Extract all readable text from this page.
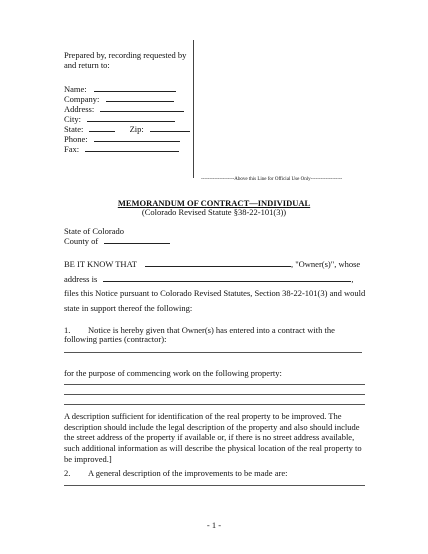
Prepared by, recording requested by
and return to:
Name:
Company:
Address:
City:
State:	Zip:
Phone:
Fax:
--------------------Above this Line for Official Use Only-------------------
MEMORANDUM OF CONTRACT—INDIVIDUAL
(Colorado Revised Statute §38-22-101(3))
State of Colorado
County of
BE IT KNOW THAT	, "Owner(s)", whose
address is	,
files this Notice pursuant to Colorado Revised Statutes, Section 38-22-101(3) and would
state in support thereof the following:
1. Notice is hereby given that Owner(s) has entered into a contract with the
following parties (contractor):
for the purpose of commencing work on the following property:
A description sufficient for identification of the real property to be improved. The description should include the legal description of the property and also should include the street address of the property if available or, if there is no street address available, such additional information as will describe the physical location of the real property to be improved.]
2. A general description of the improvements to be made are:
- 1 -
